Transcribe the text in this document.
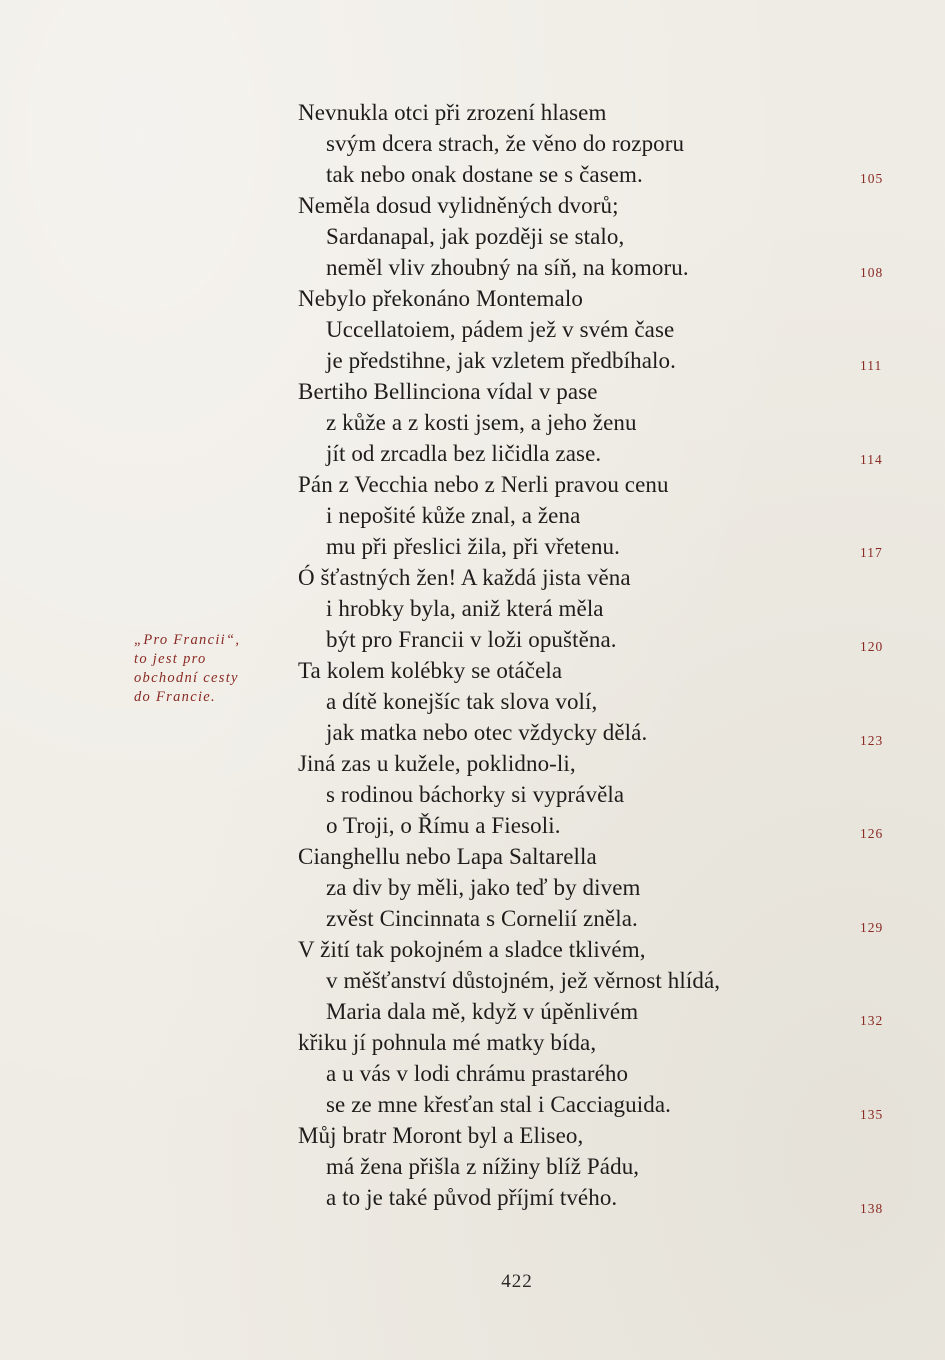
Nevnukla otci při zrození hlasem
svým dcera strach, že věno do rozporu
tak nebo onak dostane se s časem.
Neměla dosud vylidněných dvorů;
Sardanapal, jak později se stalo,
neměl vliv zhoubný na síň, na komoru.
Nebylo překonáno Montemalo
Uccellatoiem, pádem jež v svém čase
je předstihne, jak vzletem předbíhalo.
Bertiho Bellinciona vídal v pase
z kůže a z kosti jsem, a jeho ženu
jít od zrcadla bez ličidla zase.
Pán z Vecchia nebo z Nerli pravou cenu
i nepošité kůže znal, a žena
mu při přeslici žila, při vřetenu.
Ó šťastných žen! A každá jista věna
i hrobky byla, aniž která měla
být pro Francii v loži opuštěna.
Ta kolem kolébky se otáčela
a dítě konejšíc tak slova volí,
jak matka nebo otec vždycky dělá.
Jiná zas u kužele, poklidno-li,
s rodinou báchorky si vyprávěla
o Troji, o Římu a Fiesoli.
Cianghellu nebo Lapa Saltarella
za div by měli, jako teď by divem
zvěst Cincinnata s Cornelií zněla.
V žití tak pokojném a sladce tklivém,
v měšťanství důstojném, jež věrnost hlídá,
Maria dala mě, když v úpěnlivém
křiku jí pohnula mé matky bída,
a u vás v lodi chrámu prastarého
se ze mne křesťan stal i Cacciaguida.
Můj bratr Moront byl a Eliseo,
má žena přišla z nížiny blíž Pádu,
a to je také původ příjmí tvého.
105
108
111
114
117
120
123
126
129
132
135
138
„Pro Francii“,
to jest pro
obchodní cesty
do Francie.
422
